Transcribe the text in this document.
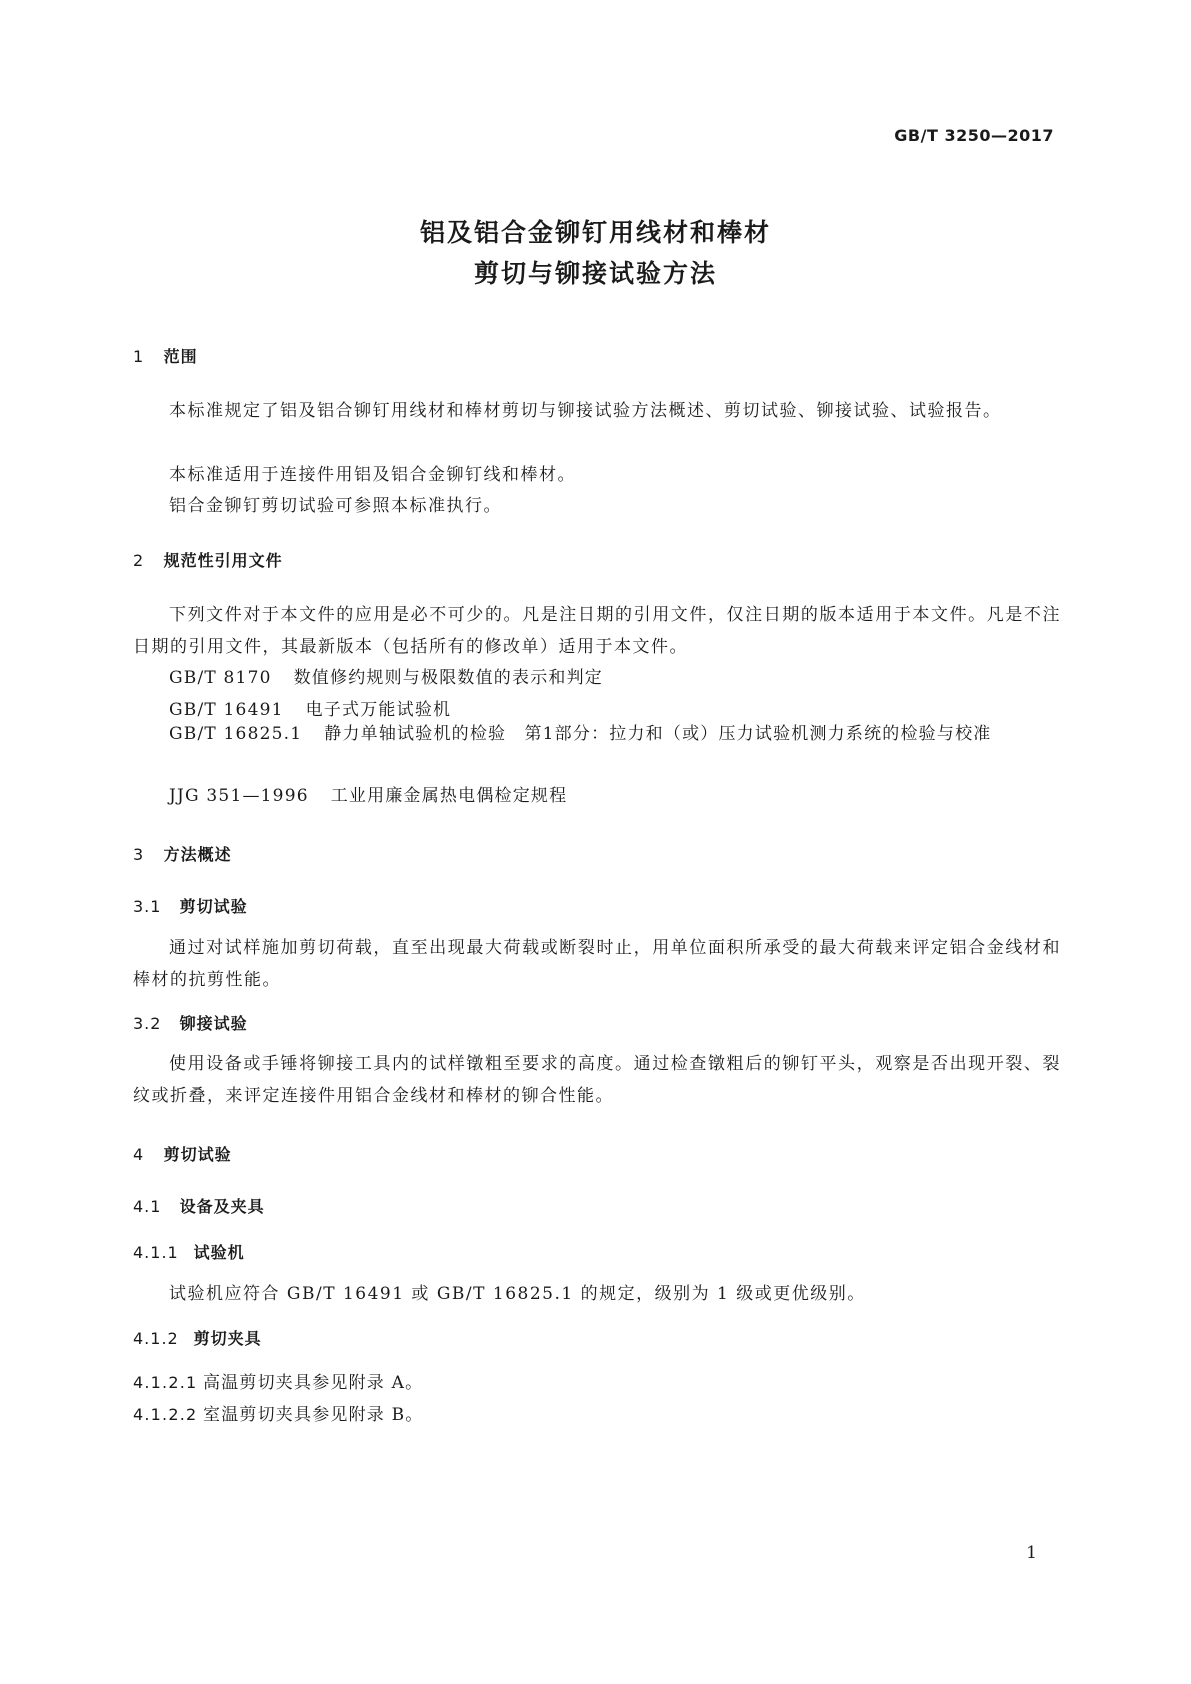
GB/T 3250—2017
铝及铝合金铆钉用线材和棒材
剪切与铆接试验方法
1 范围
本标准规定了铝及铝合铆钉用线材和棒材剪切与铆接试验方法概述、剪切试验、铆接试验、试验报告。
本标准适用于连接件用铝及铝合金铆钉线和棒材。
铝合金铆钉剪切试验可参照本标准执行。
2 规范性引用文件
下列文件对于本文件的应用是必不可少的。凡是注日期的引用文件，仅注日期的版本适用于本文件。凡是不注日期的引用文件，其最新版本（包括所有的修改单）适用于本文件。
GB/T 8170 数值修约规则与极限数值的表示和判定
GB/T 16491 电子式万能试验机
GB/T 16825.1 静力单轴试验机的检验　第1部分：拉力和（或）压力试验机测力系统的检验与校准
JJG 351—1996 工业用廉金属热电偶检定规程
3 方法概述
3.1 剪切试验
通过对试样施加剪切荷载，直至出现最大荷载或断裂时止，用单位面积所承受的最大荷载来评定铝合金线材和棒材的抗剪性能。
3.2 铆接试验
使用设备或手锤将铆接工具内的试样镦粗至要求的高度。通过检查镦粗后的铆钉平头，观察是否出现开裂、裂纹或折叠，来评定连接件用铝合金线材和棒材的铆合性能。
4 剪切试验
4.1 设备及夹具
4.1.1 试验机
试验机应符合 GB/T 16491 或 GB/T 16825.1 的规定，级别为 1 级或更优级别。
4.1.2 剪切夹具
4.1.2.1 高温剪切夹具参见附录 A。
4.1.2.2 室温剪切夹具参见附录 B。
1
